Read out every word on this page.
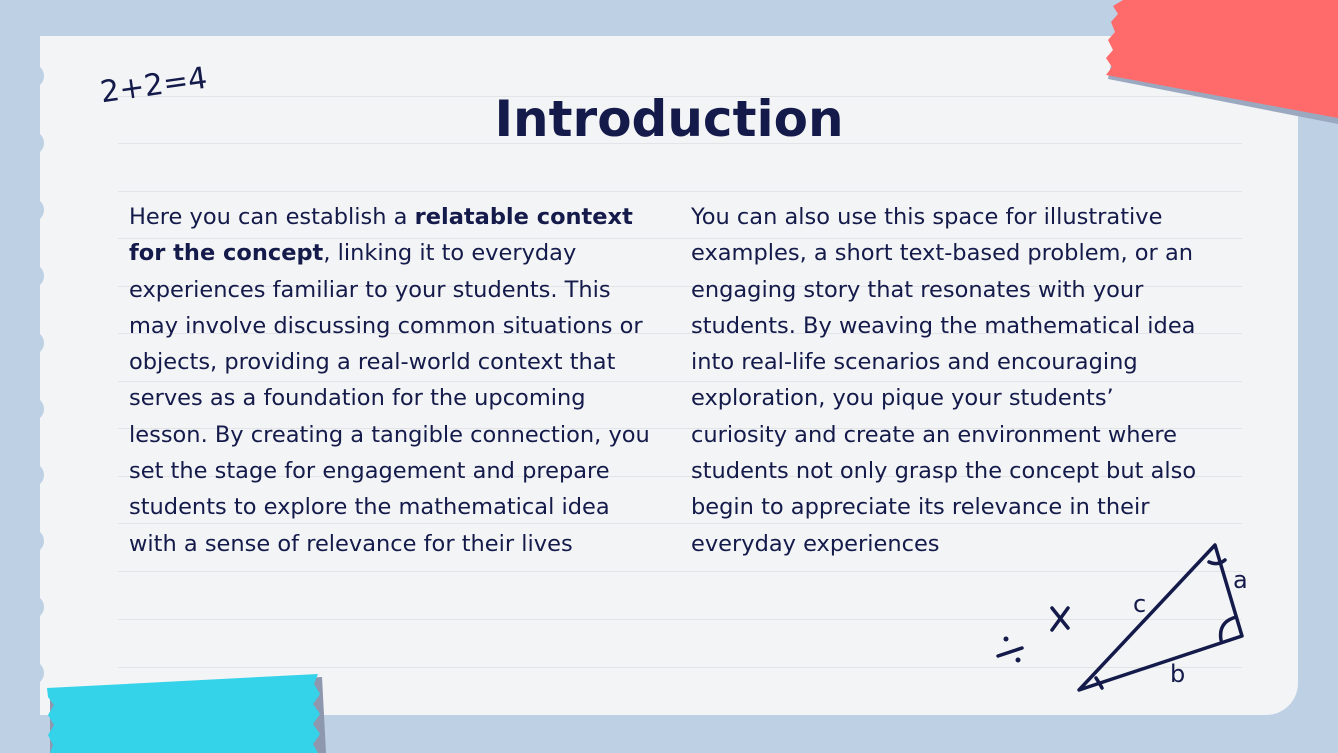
2+2=4
Introduction

Here you can establish a relatable context for the concept, linking it to everyday experiences familiar to your students. This may involve discussing common situations or objects, providing a real-world context that serves as a foundation for the upcoming lesson. By creating a tangible connection, you set the stage for engagement and prepare students to explore the mathematical idea with a sense of relevance for their lives

You can also use this space for illustrative examples, a short text-based problem, or an engaging story that resonates with your students. By weaving the mathematical idea into real-life scenarios and encouraging exploration, you pique your students’ curiosity and create an environment where students not only grasp the concept but also begin to appreciate its relevance in their everyday experiences

c
a
b
